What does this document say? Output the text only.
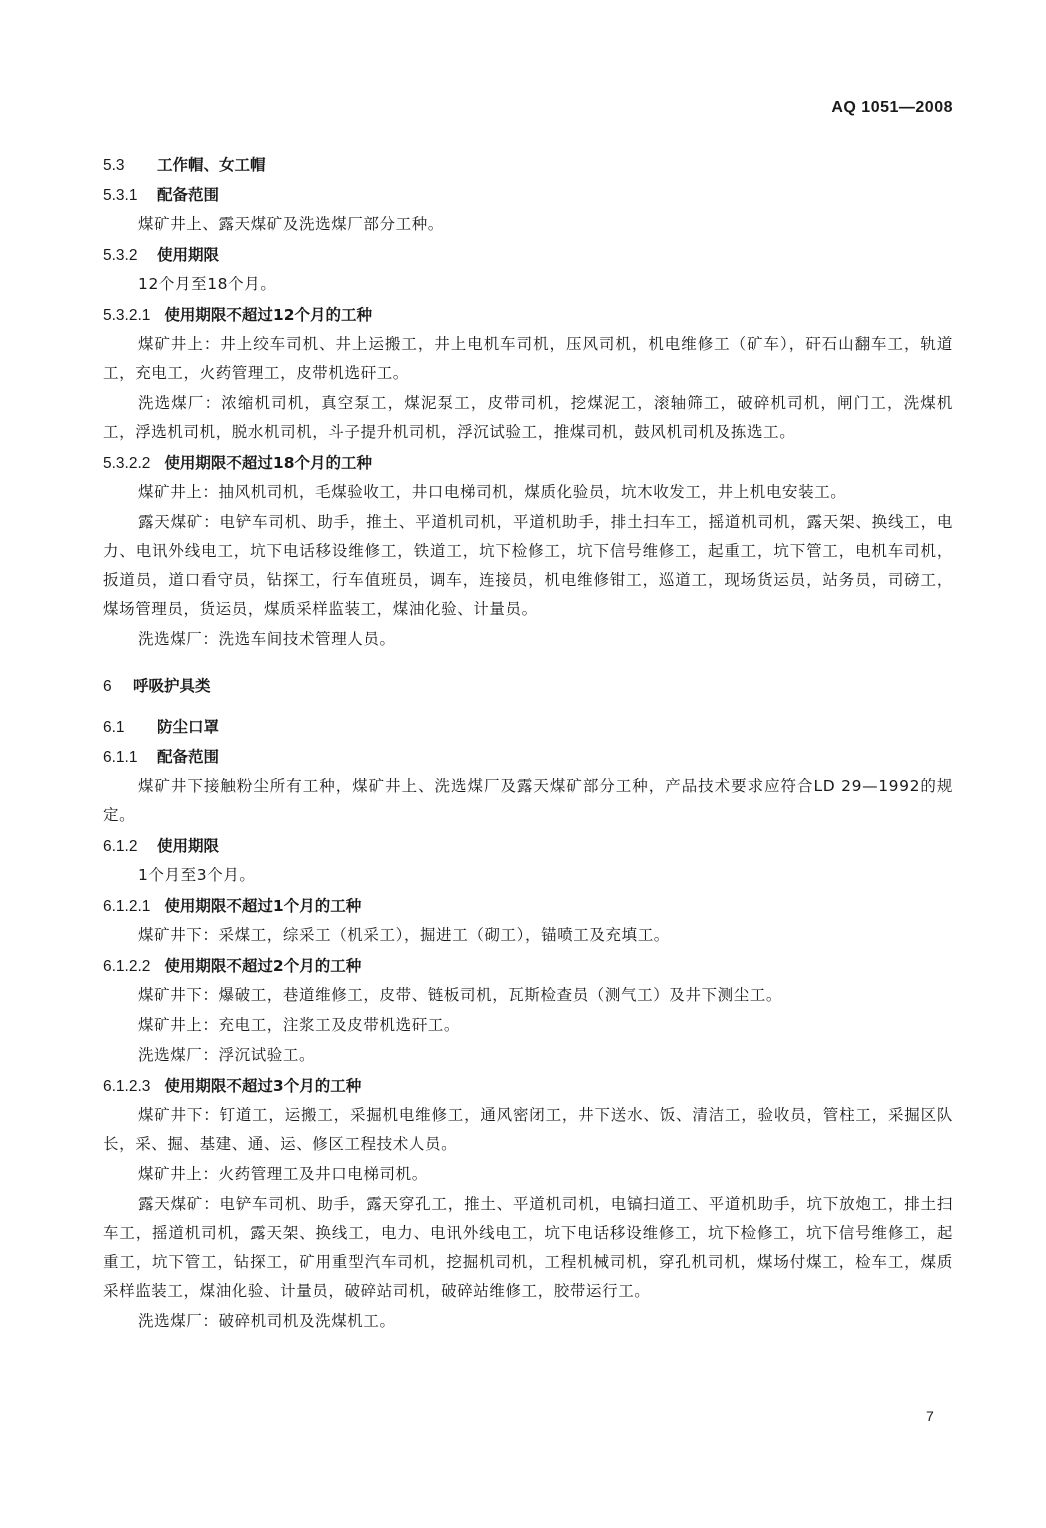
AQ 1051—2008
5.3 工作帽、女工帽
5.3.1 配备范围
煤矿井上、露天煤矿及洗选煤厂部分工种。
5.3.2 使用期限
12个月至18个月。
5.3.2.1 使用期限不超过12个月的工种
煤矿井上：井上绞车司机、井上运搬工，井上电机车司机，压风司机，机电维修工（矿车），矸石山翻车工，轨道工，充电工，火药管理工，皮带机选矸工。
洗选煤厂：浓缩机司机，真空泵工，煤泥泵工，皮带司机，挖煤泥工，滚轴筛工，破碎机司机，闸门工，洗煤机工，浮选机司机，脱水机司机，斗子提升机司机，浮沉试验工，推煤司机，鼓风机司机及拣选工。
5.3.2.2 使用期限不超过18个月的工种
煤矿井上：抽风机司机，毛煤验收工，井口电梯司机，煤质化验员，坑木收发工，井上机电安装工。
露天煤矿：电铲车司机、助手，推土、平道机司机，平道机助手，排土扫车工，摇道机司机，露天架、换线工，电力、电讯外线电工，坑下电话移设维修工，铁道工，坑下检修工，坑下信号维修工，起重工，坑下管工，电机车司机，扳道员，道口看守员，钻探工，行车值班员，调车，连接员，机电维修钳工，巡道工，现场货运员，站务员，司磅工，煤场管理员，货运员，煤质采样监装工，煤油化验、计量员。
洗选煤厂：洗选车间技术管理人员。
6 呼吸护具类
6.1 防尘口罩
6.1.1 配备范围
煤矿井下接触粉尘所有工种，煤矿井上、洗选煤厂及露天煤矿部分工种，产品技术要求应符合LD 29—1992的规定。
6.1.2 使用期限
1个月至3个月。
6.1.2.1 使用期限不超过1个月的工种
煤矿井下：采煤工，综采工（机采工），掘进工（砌工），锚喷工及充填工。
6.1.2.2 使用期限不超过2个月的工种
煤矿井下：爆破工，巷道维修工，皮带、链板司机，瓦斯检查员（测气工）及井下测尘工。
煤矿井上：充电工，注浆工及皮带机选矸工。
洗选煤厂：浮沉试验工。
6.1.2.3 使用期限不超过3个月的工种
煤矿井下：钉道工，运搬工，采掘机电维修工，通风密闭工，井下送水、饭、清洁工，验收员，管柱工，采掘区队长，采、掘、基建、通、运、修区工程技术人员。
煤矿井上：火药管理工及井口电梯司机。
露天煤矿：电铲车司机、助手，露天穿孔工，推土、平道机司机，电镐扫道工、平道机助手，坑下放炮工，排土扫车工，摇道机司机，露天架、换线工，电力、电讯外线电工，坑下电话移设维修工，坑下检修工，坑下信号维修工，起重工，坑下管工，钻探工，矿用重型汽车司机，挖掘机司机，工程机械司机，穿孔机司机，煤场付煤工，检车工，煤质采样监装工，煤油化验、计量员，破碎站司机，破碎站维修工，胶带运行工。
洗选煤厂：破碎机司机及洗煤机工。
7
